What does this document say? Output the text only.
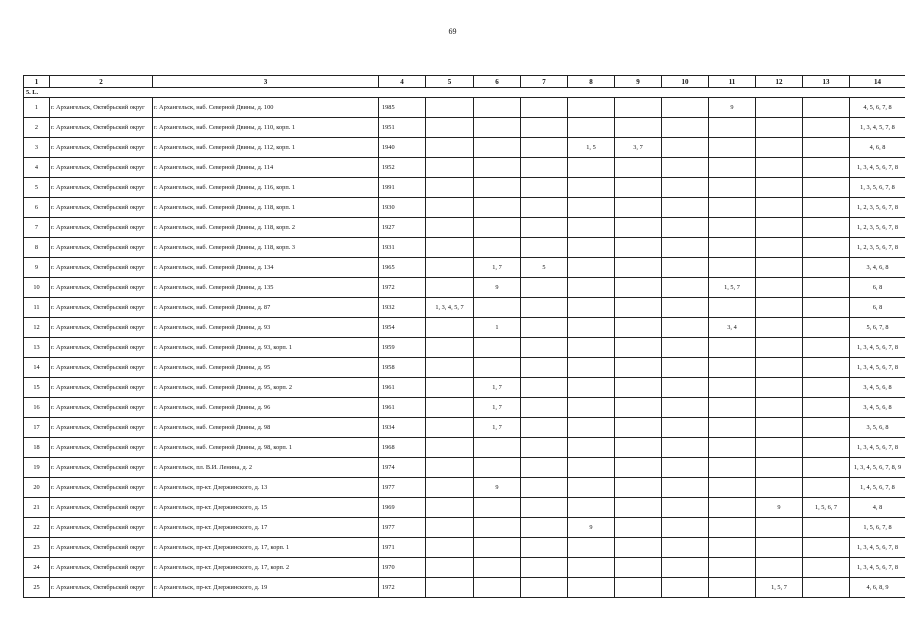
69
1	2	3	4	5	6	7	8	9	10	11	12	13	14
5. L.													
1	г. Архангельск, Октябрьский округ	г. Архангельск, наб. Северной Двины, д. 100	1985							9			4, 5, 6, 7, 8
2	г. Архангельск, Октябрьский округ	г. Архангельск, наб. Северной Двины, д. 110, корп. 1	1951										1, 3, 4, 5, 7, 8
3	г. Архангельск, Октябрьский округ	г. Архангельск, наб. Северной Двины, д. 112, корп. 1	1940				1, 5	3, 7					4, 6, 8
4	г. Архангельск, Октябрьский округ	г. Архангельск, наб. Северной Двины, д. 114	1952										1, 3, 4, 5, 6, 7, 8
5	г. Архангельск, Октябрьский округ	г. Архангельск, наб. Северной Двины, д. 116, корп. 1	1991										1, 3, 5, 6, 7, 8
6	г. Архангельск, Октябрьский округ	г. Архангельск, наб. Северной Двины, д. 118, корп. 1	1930										1, 2, 3, 5, 6, 7, 8
7	г. Архангельск, Октябрьский округ	г. Архангельск, наб. Северной Двины, д. 118, корп. 2	1927										1, 2, 3, 5, 6, 7, 8
8	г. Архангельск, Октябрьский округ	г. Архангельск, наб. Северной Двины, д. 118, корп. 3	1931										1, 2, 3, 5, 6, 7, 8
9	г. Архангельск, Октябрьский округ	г. Архангельск, наб. Северной Двины, д. 134	1965		1, 7	5							3, 4, 6, 8
10	г. Архангельск, Октябрьский округ	г. Архангельск, наб. Северной Двины, д. 135	1972		9					1, 5, 7			6, 8
11	г. Архангельск, Октябрьский округ	г. Архангельск, наб. Северной Двины, д. 87	1932	1, 3, 4, 5, 7									6, 8
12	г. Архангельск, Октябрьский округ	г. Архангельск, наб. Северной Двины, д. 93	1954		1					3, 4			5, 6, 7, 8
13	г. Архангельск, Октябрьский округ	г. Архангельск, наб. Северной Двины, д. 93, корп. 1	1959										1, 3, 4, 5, 6, 7, 8
14	г. Архангельск, Октябрьский округ	г. Архангельск, наб. Северной Двины, д. 95	1958										1, 3, 4, 5, 6, 7, 8
15	г. Архангельск, Октябрьский округ	г. Архангельск, наб. Северной Двины, д. 95, корп. 2	1961		1, 7								3, 4, 5, 6, 8
16	г. Архангельск, Октябрьский округ	г. Архангельск, наб. Северной Двины, д. 96	1961		1, 7								3, 4, 5, 6, 8
17	г. Архангельск, Октябрьский округ	г. Архангельск, наб. Северной Двины, д. 98	1934		1, 7								3, 5, 6, 8
18	г. Архангельск, Октябрьский округ	г. Архангельск, наб. Северной Двины, д. 98, корп. 1	1968										1, 3, 4, 5, 6, 7, 8
19	г. Архангельск, Октябрьский округ	г. Архангельск, пл. В.И. Ленина, д. 2	1974										1, 3, 4, 5, 6, 7, 8, 9
20	г. Архангельск, Октябрьский округ	г. Архангельск, пр-кт. Дзержинского, д. 13	1977		9								1, 4, 5, 6, 7, 8
21	г. Архангельск, Октябрьский округ	г. Архангельск, пр-кт. Дзержинского, д. 15	1969								9	1, 5, 6, 7	4, 8
22	г. Архангельск, Октябрьский округ	г. Архангельск, пр-кт. Дзержинского, д. 17	1977				9						1, 5, 6, 7, 8
23	г. Архангельск, Октябрьский округ	г. Архангельск, пр-кт. Дзержинского, д. 17, корп. 1	1971										1, 3, 4, 5, 6, 7, 8
24	г. Архангельск, Октябрьский округ	г. Архангельск, пр-кт. Дзержинского, д. 17, корп. 2	1970										1, 3, 4, 5, 6, 7, 8
25	г. Архангельск, Октябрьский округ	г. Архангельск, пр-кт. Дзержинского, д. 19	1972								1, 5, 7		4, 6, 8, 9
